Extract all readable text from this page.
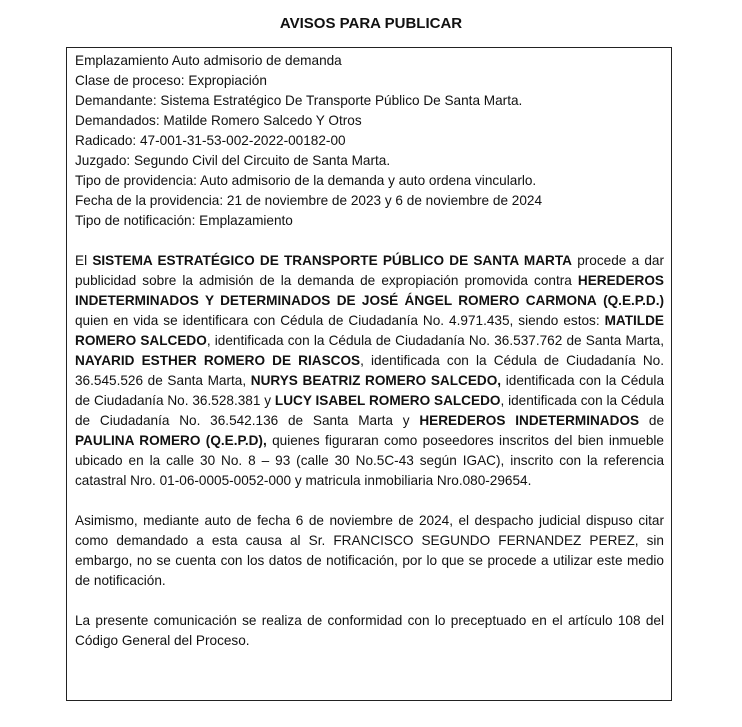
AVISOS PARA PUBLICAR
Emplazamiento Auto admisorio de demanda
Clase de proceso: Expropiación
Demandante: Sistema Estratégico De Transporte Público De Santa Marta.
Demandados: Matilde Romero Salcedo Y Otros
Radicado: 47-001-31-53-002-2022-00182-00
Juzgado: Segundo Civil del Circuito de Santa Marta.
Tipo de providencia: Auto admisorio de la demanda y auto ordena vincularlo.
Fecha de la providencia: 21 de noviembre de 2023 y 6 de noviembre de 2024
Tipo de notificación: Emplazamiento

El SISTEMA ESTRATÉGICO DE TRANSPORTE PÚBLICO DE SANTA MARTA procede a dar publicidad sobre la admisión de la demanda de expropiación promovida contra HEREDEROS INDETERMINADOS Y DETERMINADOS DE JOSÉ ÁNGEL ROMERO CARMONA (Q.E.P.D.) quien en vida se identificara con Cédula de Ciudadanía No. 4.971.435, siendo estos: MATILDE ROMERO SALCEDO, identificada con la Cédula de Ciudadanía No. 36.537.762 de Santa Marta, NAYARID ESTHER ROMERO DE RIASCOS, identificada con la Cédula de Ciudadanía No. 36.545.526 de Santa Marta, NURYS BEATRIZ ROMERO SALCEDO, identificada con la Cédula de Ciudadanía No. 36.528.381 y LUCY ISABEL ROMERO SALCEDO, identificada con la Cédula de Ciudadanía No. 36.542.136 de Santa Marta y HEREDEROS INDETERMINADOS de PAULINA ROMERO (Q.E.P.D), quienes figuraran como poseedores inscritos del bien inmueble ubicado en la calle 30 No. 8 – 93 (calle 30 No.5C-43 según IGAC), inscrito con la referencia catastral Nro. 01-06-0005-0052-000 y matricula inmobiliaria Nro.080-29654.

Asimismo, mediante auto de fecha 6 de noviembre de 2024, el despacho judicial dispuso citar como demandado a esta causa al Sr. FRANCISCO SEGUNDO FERNANDEZ PEREZ, sin embargo, no se cuenta con los datos de notificación, por lo que se procede a utilizar este medio de notificación.

La presente comunicación se realiza de conformidad con lo preceptuado en el artículo 108 del Código General del Proceso.
